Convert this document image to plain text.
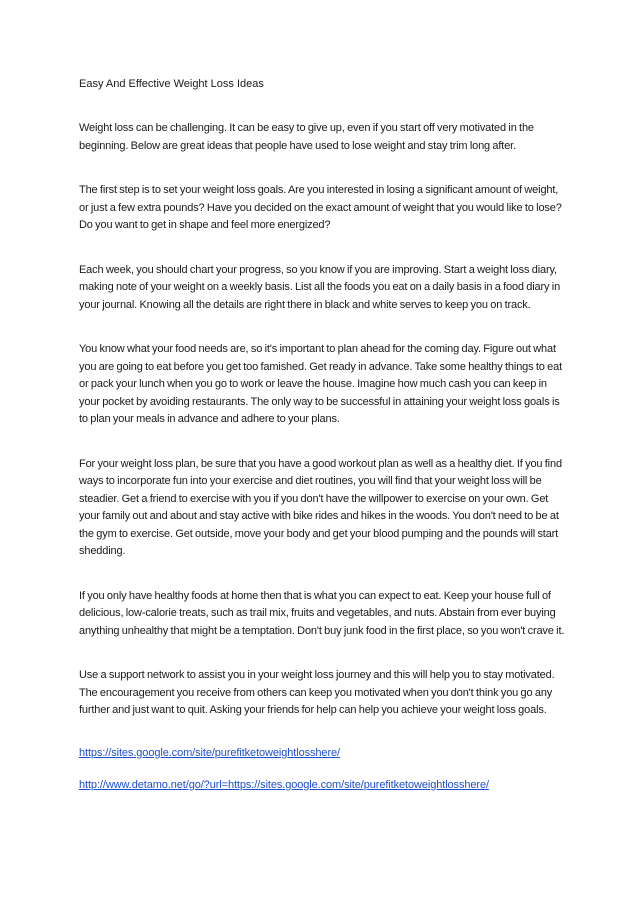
Easy And Effective Weight Loss Ideas

Weight loss can be challenging. It can be easy to give up, even if you start off very motivated in the beginning. Below are great ideas that people have used to lose weight and stay trim long after.

The first step is to set your weight loss goals. Are you interested in losing a significant amount of weight, or just a few extra pounds? Have you decided on the exact amount of weight that you would like to lose? Do you want to get in shape and feel more energized?

Each week, you should chart your progress, so you know if you are improving. Start a weight loss diary, making note of your weight on a weekly basis. List all the foods you eat on a daily basis in a food diary in your journal. Knowing all the details are right there in black and white serves to keep you on track.

You know what your food needs are, so it's important to plan ahead for the coming day. Figure out what you are going to eat before you get too famished. Get ready in advance. Take some healthy things to eat or pack your lunch when you go to work or leave the house. Imagine how much cash you can keep in your pocket by avoiding restaurants. The only way to be successful in attaining your weight loss goals is to plan your meals in advance and adhere to your plans.

For your weight loss plan, be sure that you have a good workout plan as well as a healthy diet. If you find ways to incorporate fun into your exercise and diet routines, you will find that your weight loss will be steadier. Get a friend to exercise with you if you don't have the willpower to exercise on your own. Get your family out and about and stay active with bike rides and hikes in the woods. You don't need to be at the gym to exercise. Get outside, move your body and get your blood pumping and the pounds will start shedding.

If you only have healthy foods at home then that is what you can expect to eat. Keep your house full of delicious, low-calorie treats, such as trail mix, fruits and vegetables, and nuts. Abstain from ever buying anything unhealthy that might be a temptation. Don't buy junk food in the first place, so you won't crave it.

Use a support network to assist you in your weight loss journey and this will help you to stay motivated. The encouragement you receive from others can keep you motivated when you don't think you go any further and just want to quit. Asking your friends for help can help you achieve your weight loss goals.

https://sites.google.com/site/purefitketoweightlosshere/
http://www.detamo.net/go/?url=https://sites.google.com/site/purefitketoweightlosshere/
